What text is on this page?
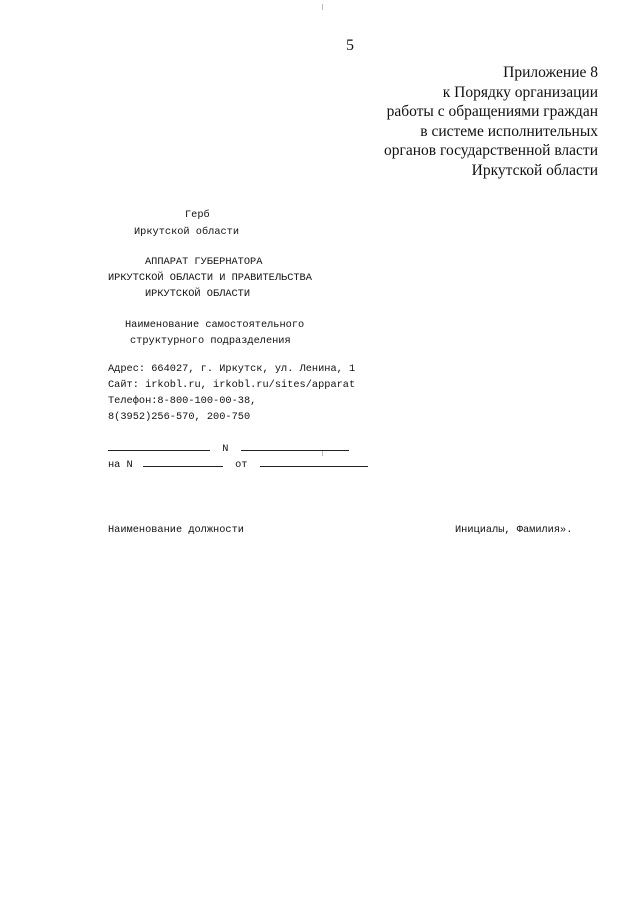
5
Приложение 8
к Порядку организации
работы с обращениями граждан
в системе исполнительных
органов государственной власти
Иркутской области
Герб
Иркутской области
АППАРАТ ГУБЕРНАТОРА
ИРКУТСКОЙ ОБЛАСТИ И ПРАВИТЕЛЬСТВА
ИРКУТСКОЙ ОБЛАСТИ
Наименование самостоятельного
структурного подразделения
Адрес: 664027, г. Иркутск, ул. Ленина, 1
Сайт: irkobl.ru, irkobl.ru/sites/apparat
Телефон:8-800-100-00-38,
8(3952)256-570, 200-750
N
на N	от
Наименование должности	Инициалы, Фамилия».
